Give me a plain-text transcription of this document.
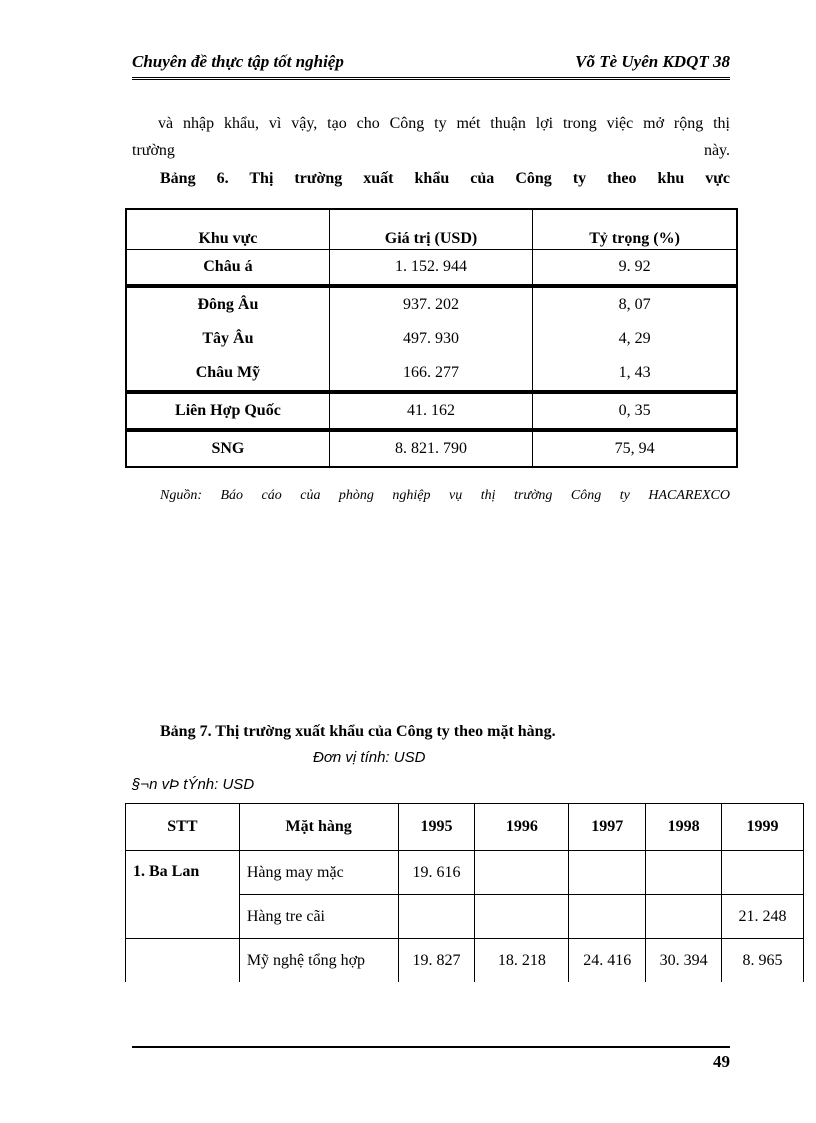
Chuyên đề thực tập tốt nghiệp	Võ Tè Uyên KDQT 38
và nhập khẩu, vì vậy, tạo cho Công ty mét thuận lợi trong việc mở rộng thị
trường	này.
Bảng 6. Thị trường xuất khẩu của Công ty theo khu vực
Khu vực	Giá trị (USD)	Tỷ trọng (%)
Châu á	1. 152. 944	9. 92
Đông Âu	937. 202	8, 07
Tây Âu	497. 930	4, 29
Châu Mỹ	166. 277	1, 43
Liên Hợp Quốc	41. 162	0, 35
SNG	8. 821. 790	75, 94
Nguồn: Báo cáo của phòng nghiệp vụ thị trường Công ty HACAREXCO
Bảng 7. Thị trường xuất khẩu của Công ty theo mặt hàng.
Đơn vị tính: USD
§¬n vÞ tÝnh: USD
STT	Mặt hàng	1995	1996	1997	1998	1999
1. Ba Lan	Hàng may mặc	19. 616				
	Hàng tre cãi					21. 248
	Mỹ nghệ tổng hợp	19. 827	18. 218	24. 416	30. 394	8. 965
49
